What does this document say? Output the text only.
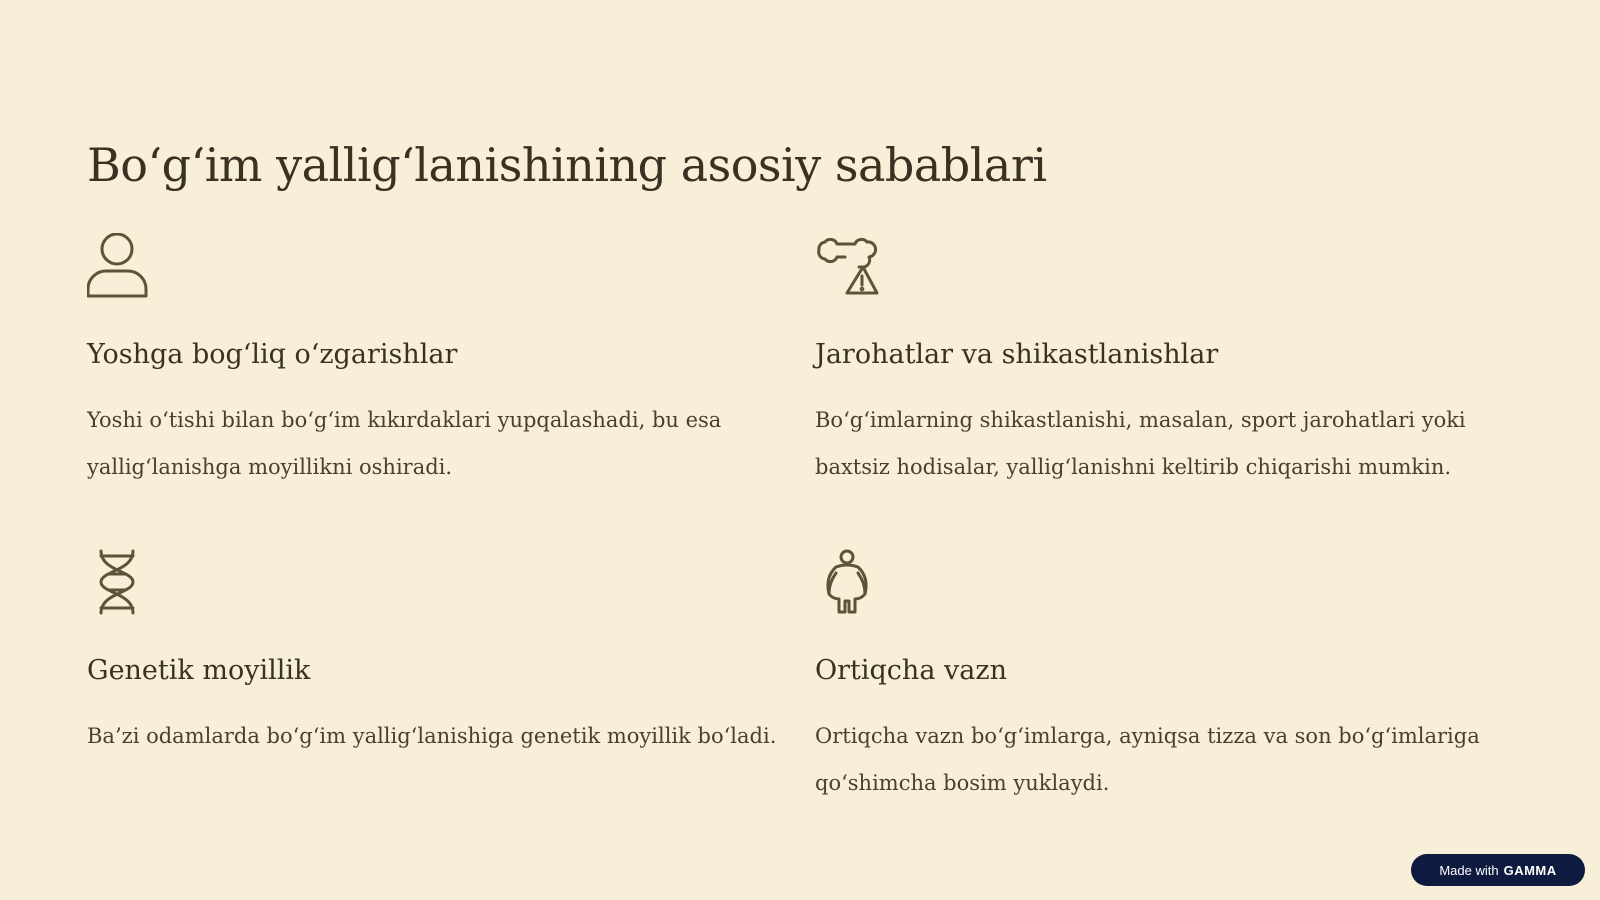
Bo‘g‘im yallig‘lanishining asosiy sabablari
Yoshga bog‘liq o‘zgarishlar

Yoshi o‘tishi bilan bo‘g‘im kıkırdaklari yupqalashadi, bu esa yallig‘lanishga moyillikni oshiradi.

Jarohatlar va shikastlanishlar

Bo‘g‘imlarning shikastlanishi, masalan, sport jarohatlari yoki baxtsiz hodisalar, yallig‘lanishni keltirib chiqarishi mumkin.

Genetik moyillik

Ba’zi odamlarda bo‘g‘im yallig‘lanishiga genetik moyillik bo‘ladi.

Ortiqcha vazn

Ortiqcha vazn bo‘g‘imlarga, ayniqsa tizza va son bo‘g‘imlariga qo‘shimcha bosim yuklaydi.

Made with GAMMA
